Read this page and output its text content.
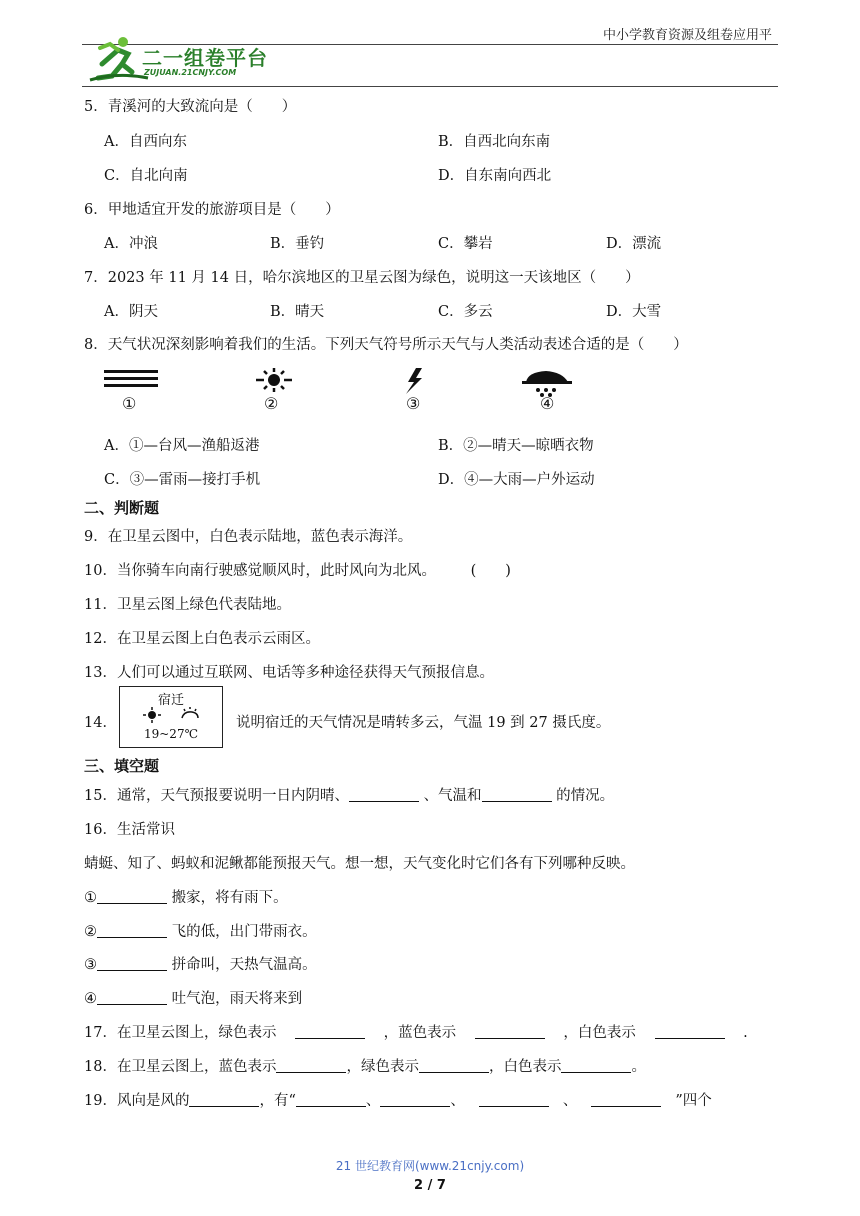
中小学教育资源及组卷应用平
二一组卷平台
ZUJUAN.21CNJY.COM
5．青溪河的大致流向是（　　）
A．自西向东	B．自西北向东南
C．自北向南	D．自东南向西北
6．甲地适宜开发的旅游项目是（　　）
A．冲浪	B．垂钓	C．攀岩	D．漂流
7．2023 年 11 月 14 日，哈尔滨地区的卫星云图为绿色，说明这一天该地区（　　）
A．阴天	B．晴天	C．多云	D．大雪
8．天气状况深刻影响着我们的生活。下列天气符号所示天气与人类活动表述合适的是（　　）
①	②	③	④
A．①—台风—渔船返港	B．②—晴天—晾晒衣物
C．③—雷雨—接打手机	D．④—大雨—户外运动
二、判断题
9．在卫星云图中，白色表示陆地，蓝色表示海洋。
10．当你骑车向南行驶感觉顺风时，此时风向为北风。 (　　)
11．卫星云图上绿色代表陆地。
12．在卫星云图上白色表示云雨区。
13．人们可以通过互联网、电话等多种途径获得天气预报信息。
14．
宿迁
19~27℃
说明宿迁的天气情况是晴转多云，气温 19 到 27 摄氏度。
三、填空题
15．通常，天气预报要说明一日内阴晴、	、气温和	的情况。
16．生活常识
蜻蜓、知了、蚂蚁和泥鳅都能预报天气。想一想，天气变化时它们各有下列哪种反映。
①	搬家，将有雨下。
②	飞的低，出门带雨衣。
③	拼命叫，天热气温高。
④	吐气泡，雨天将来到
17．在卫星云图上，绿色表示	，蓝色表示	，白色表示	.
18．在卫星云图上，蓝色表示	，绿色表示	，白色表示	。
19．风向是风的	，有“	、	、	、	”四个
21 世纪教育网(www.21cnjy.com)
2 / 7
